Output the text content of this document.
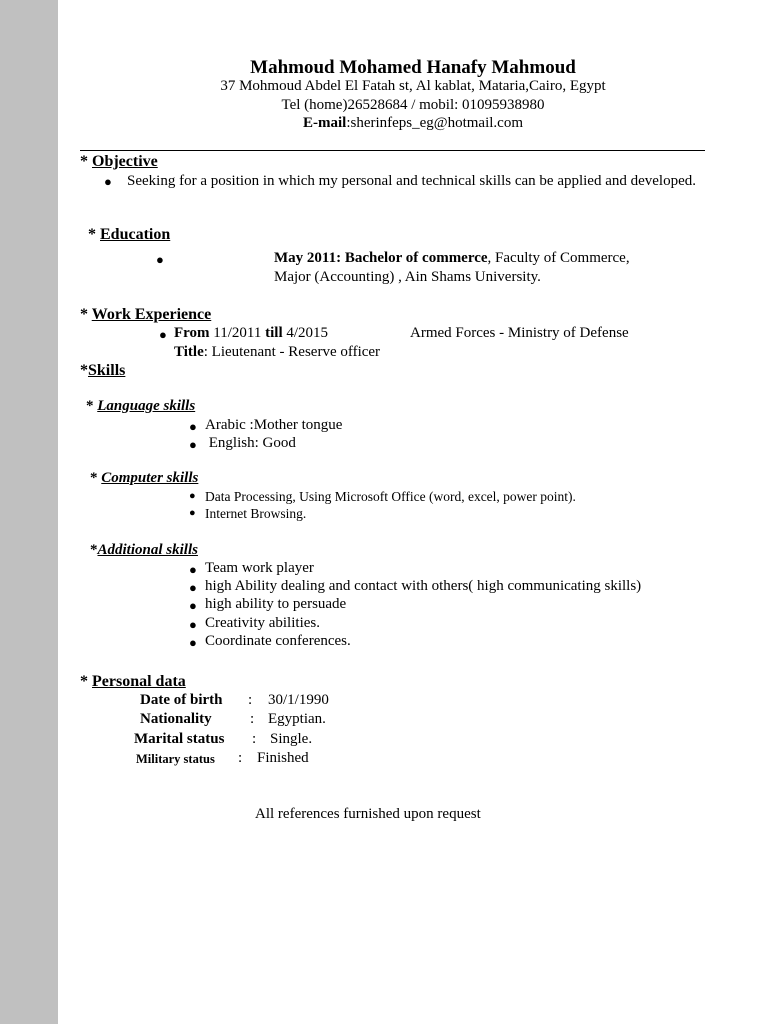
Mahmoud Mohamed Hanafy Mahmoud
37 Mohmoud Abdel El Fatah st, Al kablat, Mataria,Cairo, Egypt
Tel (home)26528684 / mobil: 01095938980
E-mail:sherinfeps_eg@hotmail.com
* Objective
● Seeking for a position in which my personal and technical skills can be applied and developed.
* Education
●	May 2011: Bachelor of commerce, Faculty of Commerce,
Major (Accounting) , Ain Shams University.
* Work Experience
● From 11/2011 till 4/2015	Armed Forces - Ministry of Defense
Title: Lieutenant - Reserve officer
*Skills
* Language skills
● Arabic :Mother tongue
● English: Good
* Computer skills
● Data Processing, Using Microsoft Office (word, excel, power point).
● Internet Browsing.
*Additional skills
● Team work player
● high Ability dealing and contact with others( high communicating skills)
● high ability to persuade
● Creativity abilities.
● Coordinate conferences.
* Personal data
Date of birth : 30/1/1990
Nationality	: Egyptian.
Marital status : Single.
Military status : Finished
All references furnished upon request
